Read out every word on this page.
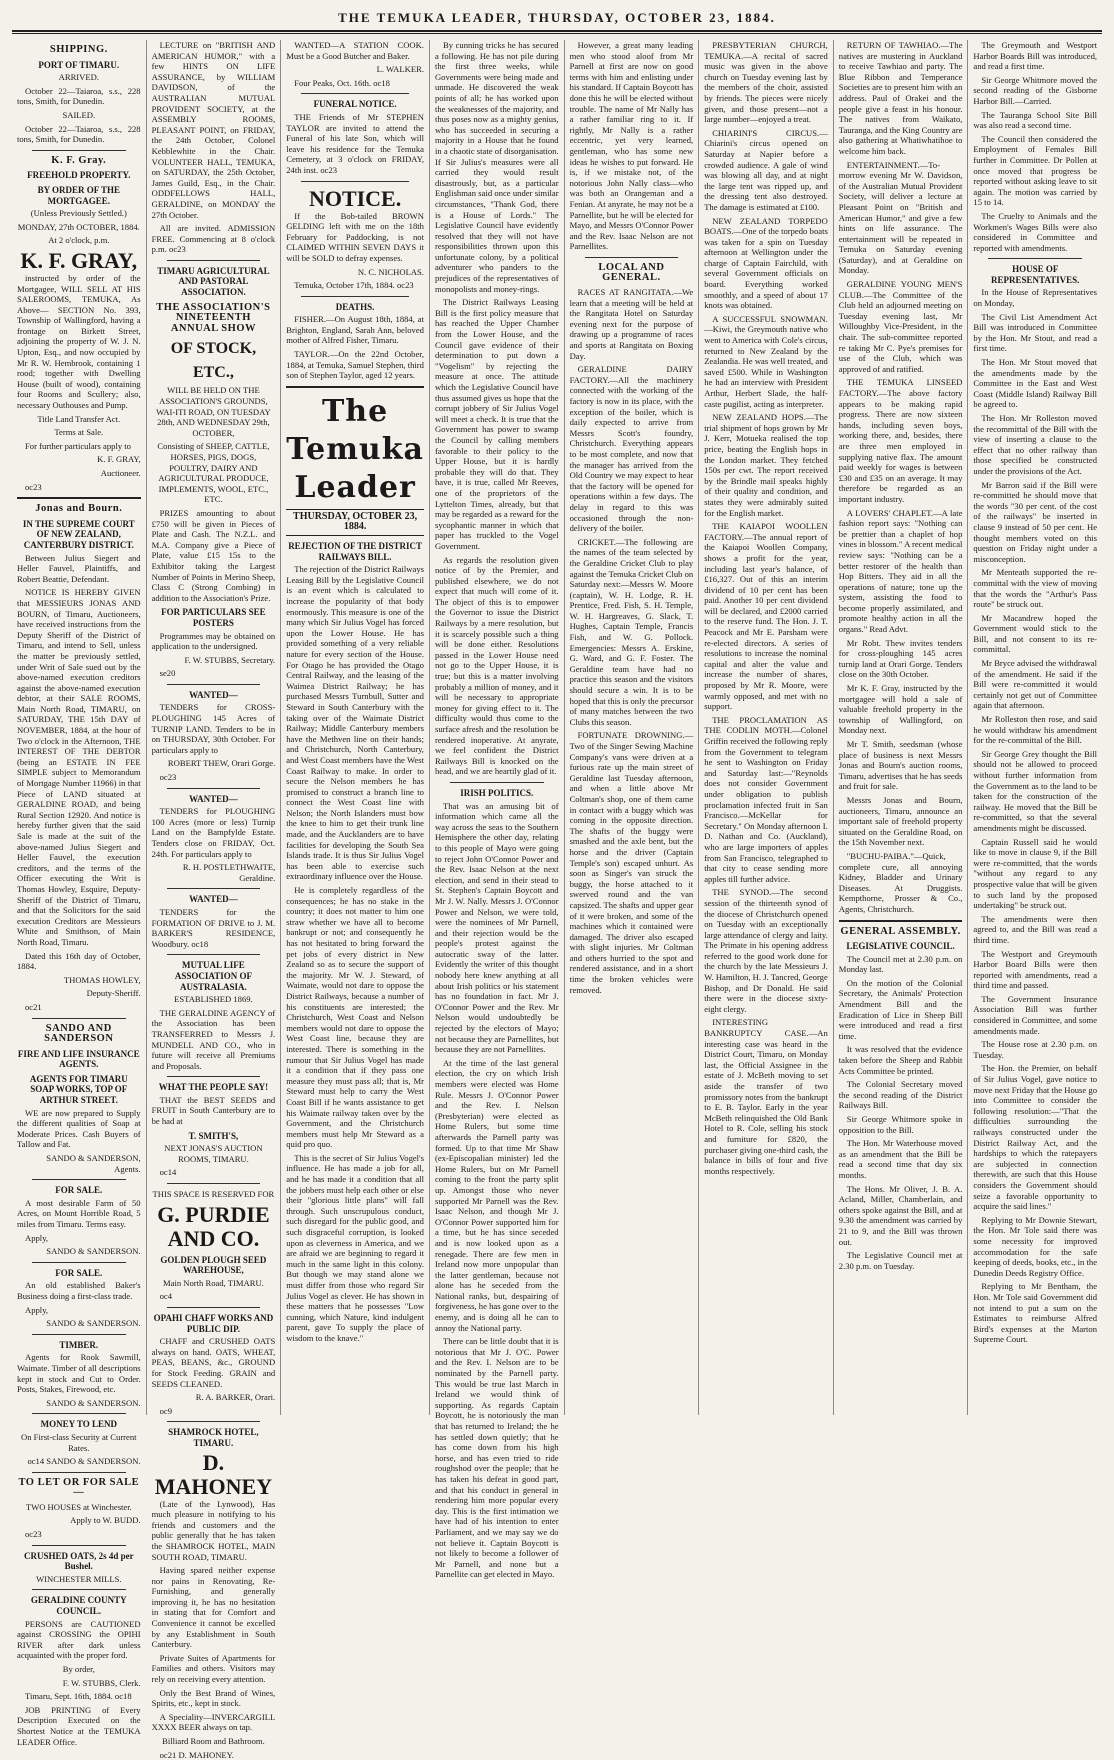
THE TEMUKA LEADER, THURSDAY, OCTOBER 23, 1884.
SHIPPING.
PORT OF TIMARU.

ARRIVED.

October 22—Taiaroa, s.s., 228 tons, Smith, for Dunedin.

SAILED.

October 22—Taiaroa, s.s., 228 tons, Smith, for Dunedin.

K. F. Gray.
FREEHOLD PROPERTY.
BY ORDER OF THE MORTGAGEE.

(Unless Previously Settled.)

MONDAY, 27th OCTOBER, 1884.

At 2 o'clock, p.m.

K. F. GRAY,

instructed by order of the Mortgagee, WILL SELL AT HIS SALEROOMS, TEMUKA, As Above— SECTION No. 393, Township of Wallingford, having a frontage on Birkett Street, adjoining the property of W. J. N. Upton, Esq., and now occupied by Mr R. W. Hembrook, containing 1 rood; together with Dwelling House (built of wood), containing four Rooms and Scullery; also, necessary Outhouses and Pump.

Title Land Transfer Act.

Terms at Sale.

For further particulars apply to

K. F. GRAY,

Auctioneer.

oc23

Jonas and Bourn.
IN THE SUPREME COURT OF NEW ZEALAND, CANTERBURY DISTRICT.

Between Julius Siegert and Heller Fauvel, Plaintiffs, and Robert Beattie, Defendant.

NOTICE IS HEREBY GIVEN that MESSIEURS JONAS AND BOURN, of Timaru, Auctioneers, have received instructions from the Deputy Sheriff of the District of Timaru, and intend to Sell, unless the matter be previously settled, under Writ of Sale sued out by the above-named execution creditors against the above-named execution debtor, at their SALE ROOMS, Main North Road, TIMARU, on SATURDAY, THE 15th DAY of NOVEMBER, 1884, at the hour of Two o'clock in the Afternoon, THE INTEREST OF THE DEBTOR (being an ESTATE IN FEE SIMPLE subject to Memorandum of Mortgage Number 11966) in that Piece of LAND situated at GERALDINE ROAD, and being Rural Section 12920. And notice is hereby further given that the said Sale is made at the suit of the above-named Julius Siegert and Heller Fauvel, the execution creditors, and the terms of the Officer executing the Writ is Thomas Howley, Esquire, Deputy-Sheriff of the District of Timaru, and that the Solicitors for the said execution Creditors are Messieurs White and Smithson, of Main North Road, Timaru.

Dated this 16th day of October, 1884.

THOMAS HOWLEY,

Deputy-Sheriff.

oc21

SANDO AND SANDERSON
FIRE AND LIFE INSURANCE AGENTS.
AGENTS FOR TIMARU SOAP WORKS, TOP OF ARTHUR STREET.

WE are now prepared to Supply the different qualities of Soap at Moderate Prices. Cash Buyers of Tallow and Fat.

SANDO & SANDERSON, Agents.

FOR SALE.

A most desirable Farm of 50 Acres, on Mount Horrible Road, 5 miles from Timaru. Terms easy.

Apply,

SANDO & SANDERSON.

FOR SALE.

An old established Baker's Business doing a first-class trade.

Apply,

SANDO & SANDERSON.

TIMBER.

Agents for Rook Sawmill, Waimate. Timber of all descriptions kept in stock and Cut to Order. Posts, Stakes, Firewood, etc.

SANDO & SANDERSON.

MONEY TO LEND

On First-class Security at Current Rates.

oc14 SANDO & SANDERSON.

TO LET OR FOR SALE—

TWO HOUSES at Winchester.

Apply to W. BUDD.

oc23

CRUSHED OATS, 2s 4d per Bushel.

WINCHESTER MILLS.

GERALDINE COUNTY COUNCIL.

PERSONS are CAUTIONED against CROSSING the OPIHI RIVER after dark unless acquainted with the proper ford.

By order,

F. W. STUBBS, Clerk.

Timaru, Sept. 16th, 1884. oc18

JOB PRINTING of Every Description Executed on the Shortest Notice at the TEMUKA LEADER Office.

LECTURE on "BRITISH AND AMERICAN HUMOR," with a few HINTS ON LIFE ASSURANCE, by WILLIAM DAVIDSON, of the AUSTRALIAN MUTUAL PROVIDENT SOCIETY, at the ASSEMBLY ROOMS, PLEASANT POINT, on FRIDAY, the 24th October, Colonel Kebblewhite in the Chair. VOLUNTEER HALL, TEMUKA, on SATURDAY, the 25th October, James Guild, Esq., in the Chair. ODDFELLOWS HALL, GERALDINE, on MONDAY the 27th October.

All are invited. ADMISSION FREE. Commencing at 8 o'clock p.m. oc23

TIMARU AGRICULTURAL AND PASTORAL ASSOCIATION.
THE ASSOCIATION'S NINETEENTH ANNUAL SHOW
OF STOCK, ETC.,

WILL BE HELD ON THE ASSOCIATION'S GROUNDS, WAI-ITI ROAD, ON TUESDAY 28th, AND WEDNESDAY 29th, OCTOBER,

Consisting of SHEEP, CATTLE, HORSES, PIGS, DOGS, POULTRY, DAIRY AND AGRICULTURAL PRODUCE, IMPLEMENTS, WOOL, ETC., ETC.

PRIZES amounting to about £750 will be given in Pieces of Plate and Cash. The N.Z.L. and M.A. Company give a Piece of Plate, value £15 15s to the Exhibitor taking the Largest Number of Points in Merino Sheep, Class C (Strong Combing) in addition to the Association's Prize.

FOR PARTICULARS SEE POSTERS

Programmes may be obtained on application to the undersigned.

F. W. STUBBS, Secretary.

se20

WANTED—

TENDERS for CROSS-PLOUGHING 145 Acres of TURNIP LAND. Tenders to be in on THURSDAY, 30th October. For particulars apply to

ROBERT THEW, Orari Gorge.

oc23

WANTED—

TENDERS for PLOUGHING 100 Acres (more or less) Turnip Land on the Bampfylde Estate. Tenders close on FRIDAY, Oct. 24th. For particulars apply to

R. H. POSTLETHWAITE, Geraldine.

WANTED—

TENDERS for the FORMATION OF DRIVE to J. M. BARKER'S RESIDENCE, Woodbury. oc18

MUTUAL LIFE ASSOCIATION OF AUSTRALASIA.

ESTABLISHED 1869.

THE GERALDINE AGENCY of the Association has been TRANSFERRED to Messrs J. MUNDELL AND CO., who in future will receive all Premiums and Proposals.

WHAT THE PEOPLE SAY!

THAT the BEST SEEDS and FRUIT in South Canterbury are to be had at

T. SMITH'S,

NEXT JONAS'S AUCTION ROOMS, TIMARU.

oc14

THIS SPACE IS RESERVED FOR

G. PURDIE AND CO.
GOLDEN PLOUGH SEED WAREHOUSE,

Main North Road, TIMARU.

oc4

OPAHI CHAFF WORKS AND PUBLIC DIP.

CHAFF and CRUSHED OATS always on hand. OATS, WHEAT, PEAS, BEANS, &c., GROUND for Stock Feeding. GRAIN and SEEDS CLEANED.

R. A. BARKER, Orari.

oc9

SHAMROCK HOTEL, TIMARU.
D. MAHONEY

(Late of the Lynwood), Has much pleasure in notifying to his friends and customers and the public generally that he has taken the SHAMROCK HOTEL, MAIN SOUTH ROAD, TIMARU.

Having spared neither expense nor pains in Renovating, Re-Furnishing, and generally improving it, he has no hesitation in stating that for Comfort and Convenience it cannot be excelled by any Establishment in South Canterbury.

Private Suites of Apartments for Families and others. Visitors may rely on receiving every attention.

Only the Best Brand of Wines, Spirits, etc., kept in stock.

A Speciality—INVERCARGILL XXXX BEER always on tap.

Billiard Room and Bathroom.

oc21 D. MAHONEY.

WANTED—A STATION COOK. Must be a Good Butcher and Baker.

L. WALKER.

Four Peaks, Oct. 16th. oc18

FUNERAL NOTICE.

THE Friends of Mr STEPHEN TAYLOR are invited to attend the Funeral of his late Son, which will leave his residence for the Temuka Cemetery, at 3 o'clock on FRIDAY, 24th inst. oc23

NOTICE.

If the Bob-tailed BROWN GELDING left with me on the 18th February for Paddocking, is not CLAIMED WITHIN SEVEN DAYS it will be SOLD to defray expenses.

N. C. NICHOLAS.

Temuka, October 17th, 1884. oc23

DEATHS.

FISHER.—On August 18th, 1884, at Brighton, England, Sarah Ann, beloved mother of Alfred Fisher, Timaru.

TAYLOR.—On the 22nd October, 1884, at Temuka, Samuel Stephen, third son of Stephen Taylor, aged 12 years.

The Temuka Leader
THURSDAY, OCTOBER 23, 1884.
REJECTION OF THE DISTRICT RAILWAYS BILL.

The rejection of the District Railways Leasing Bill by the Legislative Council is an event which is calculated to increase the popularity of that body enormously. This measure is one of the many which Sir Julius Vogel has forced upon the Lower House. He has provided something of a very reliable nature for every section of the House. For Otago he has provided the Otago Central Railway, and the leasing of the Waimea District Railway; he has purchased Messrs Turnbull, Sutter and Steward in South Canterbury with the taking over of the Waimate District Railway; Middle Canterbury members have the Methven line on their hands; and Christchurch, North Canterbury, and West Coast members have the West Coast Railway to make. In order to secure the Nelson members he has promised to construct a branch line to connect the West Coast line with Nelson; the North Islanders must bow the knee to him to get their trunk line made, and the Aucklanders are to have facilities for developing the South Sea Islands trade. It is thus Sir Julius Vogel has been able to exercise such extraordinary influence over the House.

He is completely regardless of the consequences; he has no stake in the country; it does not matter to him one straw whether we have all to become bankrupt or not; and consequently he has not hesitated to bring forward the pet jobs of every district in New Zealand so as to secure the support of the majority. Mr W. J. Steward, of Waimate, would not dare to oppose the District Railways, because a number of his constituents are interested; the Christchurch, West Coast and Nelson members would not dare to oppose the West Coast line, because they are interested. There is something in the rumour that Sir Julius Vogel has made it a condition that if they pass one measure they must pass all; that is, Mr Steward must help to carry the West Coast Bill if he wants assistance to get his Waimate railway taken over by the Government, and the Christchurch members must help Mr Steward as a quid pro quo.

This is the secret of Sir Julius Vogel's influence. He has made a job for all, and he has made it a condition that all the jobbers must help each other or else their "glorious little plans" will fall through. Such unscrupulous conduct, such disregard for the public good, and such disgraceful corruption, is looked upon as cleverness in America, and we are afraid we are beginning to regard it much in the same light in this colony. But though we may stand alone we must differ from those who regard Sir Julius Vogel as clever. He has shown in these matters that he possesses "Low cunning, which Nature, kind indulgent parent, gave To supply the place of wisdom to the knave."

By cunning tricks he has secured a following. He has not pile during the first three weeks, while Governments were being made and unmade. He discovered the weak points of all; he has worked upon the weaknesses of the majority, and thus poses now as a mighty genius, who has succeeded in securing a majority in a House that he found in a chaotic state of disorganisation. If Sir Julius's measures were all carried they would result disastrously, but, as a particular Englishman said once under similar circumstances, "Thank God, there is a House of Lords." The Legislative Council have evidently resolved that they will not have responsibilities thrown upon this unfortunate colony, by a political adventurer who panders to the prejudices of the representatives of monopolists and money-rings.

The District Railways Leasing Bill is the first policy measure that has reached the Upper Chamber from the Lower House, and the Council gave evidence of their determination to put down a "Vogelism" by rejecting the measure at once. The attitude which the Legislative Council have thus assumed gives us hope that the corrupt jobbery of Sir Julius Vogel will meet a check. It is true that the Government has power to swamp the Council by calling members favorable to their policy to the Upper House, but it is hardly probable they will do that. They have, it is true, called Mr Reeves, one of the proprietors of the Lyttelton Times, already, but that may be regarded as a reward for the sycophantic manner in which that paper has truckled to the Vogel Government.

As regards the resolution given notice of by the Premier, and published elsewhere, we do not expect that much will come of it. The object of this is to empower the Governor to issue the District Railways by a mere resolution, but it is scarcely possible such a thing will be done either. Resolutions passed in the Lower House need not go to the Upper House, it is true; but this is a matter involving probably a million of money, and it will be necessary to appropriate money for giving effect to it. The difficulty would thus come to the surface afresh and the resolution be rendered inoperative. At anyrate, we feel confident the District Railways Bill is knocked on the head, and we are heartily glad of it.

IRISH POLITICS.

That was an amusing bit of information which came all the way across the seas to the Southern Hemisphere the other day, relating to this people of Mayo were going to reject John O'Connor Power and the Rev. Isaac Nelson at the next election, and send in their stead to St. Stephen's Captain Boycott and Mr J. W. Nally. Messrs J. O'Connor Power and Nelson, we were told, were the nominees of Mr Parnell, and their rejection would be the people's protest against the autocratic sway of the latter. Evidently the writer of this thought nobody here knew anything at all about Irish politics or his statement has no foundation in fact. Mr J. O'Connor Power and the Rev. Mr Nelson would undoubtedly be rejected by the electors of Mayo; not because they are Parnellites, but because they are not Parnellites.

At the time of the last general election, the cry on which Irish members were elected was Home Rule. Messrs J. O'Connor Power and the Rev. I. Nelson (Presbyterian) were elected as Home Rulers, but some time afterwards the Parnell party was formed. Up to that time Mr Shaw (ex-Episcopalian minister) led the Home Rulers, but on Mr Parnell coming to the front the party split up. Amongst those who never supported Mr Parnell was the Rev. Isaac Nelson, and though Mr J. O'Connor Power supported him for a time, but he has since seceded and is now looked upon as a renegade. There are few men in Ireland now more unpopular than the latter gentleman, because not alone has he seceded from the National ranks, but, despairing of forgiveness, he has gone over to the enemy, and is doing all he can to annoy the National party.

There can be little doubt that it is notorious that Mr J. O'C. Power and the Rev. I. Nelson are to be nominated by the Parnell party. This would be true last March in Ireland we would think of supporting. As regards Captain Boycott, he is notoriously the man that has returned to Ireland; the he has settled down quietly; that he has come down from his high horse, and has even tried to ride roughshod over the people; that he has taken his defeat in good part, and that his conduct in general in rendering him more popular every day. This is the first intimation we have had of his intention to enter Parliament, and we may say we do not believe it. Captain Boycott is not likely to become a follower of Mr Parnell, and none but a Parnellite can get elected in Mayo.

However, a great many leading men who stood aloof from Mr Parnell at first are now on good terms with him and enlisting under his standard. If Captain Boycott has done this he will be elected without trouble. The name of Mr Nally has a rather familiar ring to it. If rightly, Mr Nally is a rather eccentric, yet very learned, gentleman, who has some new ideas he wishes to put forward. He is, if we mistake not, of the notorious John Nally class—who was both an Orangeman and a Fenian. At anyrate, he may not be a Parnellite, but he will be elected for Mayo, and Messrs O'Connor Power and the Rev. Isaac Nelson are not Parnellites.

LOCAL AND GENERAL.

RACES AT RANGITATA.—We learn that a meeting will be held at the Rangitata Hotel on Saturday evening next for the purpose of drawing up a programme of races and sports at Rangitata on Boxing Day.

GERALDINE DAIRY FACTORY.—All the machinery connected with the working of the factory is now in its place, with the exception of the boiler, which is daily expected to arrive from Messrs Scott's foundry, Christchurch. Everything appears to be most complete, and now that the manager has arrived from the Old Country we may expect to hear that the factory will be opened for operations within a few days. The delay in regard to this was occasioned through the non-delivery of the boiler.

CRICKET.—The following are the names of the team selected by the Geraldine Cricket Club to play against the Temuka Cricket Club on Saturday next:—Messrs W. Moore (captain), W. H. Lodge, R. H. Prentice, Fred. Fish, S. H. Temple, W. H. Hargreaves, G. Slack, T. Hughes, Captain Temple, Francis Fish, and W. G. Pollock. Emergencies: Messrs A. Erskine, G. Ward, and G. F. Foster. The Geraldine team have had no practice this season and the visitors should secure a win. It is to be hoped that this is only the precursor of many matches between the two Clubs this season.

FORTUNATE DROWNING.—Two of the Singer Sewing Machine Company's vans were driven at a furious rate up the main street of Geraldine last Tuesday afternoon, and when a little above Mr Coltman's shop, one of them came in contact with a buggy which was coming in the opposite direction. The shafts of the buggy were smashed and the axle bent, but the horse and the driver (Captain Temple's son) escaped unhurt. As soon as Singer's van struck the buggy, the horse attached to it swerved round and the van capsized. The shafts and upper gear of it were broken, and some of the machines which it contained were damaged. The driver also escaped with slight injuries. Mr Coltman and others hurried to the spot and rendered assistance, and in a short time the broken vehicles were removed.

PRESBYTERIAN CHURCH, TEMUKA.—A recital of sacred music was given in the above church on Tuesday evening last by the members of the choir, assisted by friends. The pieces were nicely given, and those present—not a large number—enjoyed a treat.

CHIARINI'S CIRCUS.—Chiarini's circus opened on Saturday at Napier before a crowded audience. A gale of wind was blowing all day, and at night the large tent was ripped up, and the dressing tent also destroyed. The damage is estimated at £100.

NEW ZEALAND TORPEDO BOATS.—One of the torpedo boats was taken for a spin on Tuesday afternoon at Wellington under the charge of Captain Fairchild, with several Government officials on board. Everything worked smoothly, and a speed of about 17 knots was obtained.

A SUCCESSFUL SNOWMAN.—Kiwi, the Greymouth native who went to America with Cole's circus, returned to New Zealand by the Zealandia. He was well treated, and saved £500. While in Washington he had an interview with President Arthur, Herbert Slade, the half-caste pugilist, acting as interpreter.

NEW ZEALAND HOPS.—The trial shipment of hops grown by Mr J. Kerr, Motueka realised the top price, beating the English hops in the London market. They fetched 150s per cwt. The report received by the Brindle mail speaks highly of their quality and condition, and states they were admirably suited for the English market.

THE KAIAPOI WOOLLEN FACTORY.—The annual report of the Kaiapoi Woollen Company, shows a profit for the year, including last year's balance, of £16,327. Out of this an interim dividend of 10 per cent has been paid. Another 10 per cent dividend will be declared, and £2000 carried to the reserve fund. The Hon. J. T. Peacock and Mr E. Parsham were re-elected directors. A series of resolutions to increase the nominal capital and alter the value and increase the number of shares, proposed by Mr R. Moore, were warmly opposed, and met with no support.

THE PROCLAMATION AS THE CODLIN MOTH.—Colonel Griffin received the following reply from the Government to telegram he sent to Washington on Friday and Saturday last:—"Reynolds does not consider Government under obligation to publish proclamation infected fruit in San Francisco.—McKellar for Secretary." On Monday afternoon I. D. Nathan and Co. (Auckland), who are large importers of apples from San Francisco, telegraphed to that city to cease sending more apples till further advice.

THE SYNOD.—The second session of the thirteenth synod of the diocese of Christchurch opened on Tuesday with an exceptionally large attendance of clergy and laity. The Primate in his opening address referred to the good work done for the church by the late Messieurs J. W. Hamilton, H. J. Tancred, George Bishop, and Dr Donald. He said there were in the diocese sixty-eight clergy.

INTERESTING BANKRUPTCY CASE.—An interesting case was heard in the District Court, Timaru, on Monday last, the Official Assignee in the estate of J. McBeth moving to set aside the transfer of two promissory notes from the bankrupt to E. B. Taylor. Early in the year McBeth relinquished the Old Bank Hotel to R. Cole, selling his stock and furniture for £820, the purchaser giving one-third cash, the balance in bills of four and five months respectively.

RETURN OF TAWHIAO.—The natives are mustering in Auckland to receive Tawhiao and party. The Blue Ribbon and Temperance Societies are to present him with an address. Paul of Orakei and the people give a feast in his honour. The natives from Waikato, Tauranga, and the King Country are also gathering at Whatiwhatihoe to welcome him back.

ENTERTAINMENT.—To-morrow evening Mr W. Davidson, of the Australian Mutual Provident Society, will deliver a lecture at Pleasant Point on "British and American Humor," and give a few hints on life assurance. The entertainment will be repeated in Temuka on Saturday evening (Saturday), and at Geraldine on Monday.

GERALDINE YOUNG MEN'S CLUB.—The Committee of the Club held an adjourned meeting on Tuesday evening last, Mr Willoughby Vice-President, in the chair. The sub-committee reported re taking Mr C. Pye's premises for use of the Club, which was approved of and ratified.

THE TEMUKA LINSEED FACTORY.—The above factory appears to be making rapid progress. There are now sixteen hands, including seven boys, working there, and, besides, there are three men employed in supplying native flax. The amount paid weekly for wages is between £30 and £35 on an average. It may therefore be regarded as an important industry.

A LOVERS' CHAPLET.—A late fashion report says: "Nothing can be prettier than a chaplet of hop vines in blossom." A recent medical review says: "Nothing can be a better restorer of the health than Hop Bitters. They aid in all the operations of nature; tone up the system, assisting the food to become properly assimilated, and promote healthy action in all the organs." Read Advt.

Mr Robt. Thew invites tenders for cross-ploughing 145 acres turnip land at Orari Gorge. Tenders close on the 30th October.

Mr K. F. Gray, instructed by the mortgagee will hold a sale of valuable freehold property in the township of Wallingford, on Monday next.

Mr T. Smith, seedsman (whose place of business is next Messrs Jonas and Bourn's auction rooms, Timaru, advertises that he has seeds and fruit for sale.

Messrs Jonas and Bourn, auctioneers, Timaru, announce an important sale of freehold property situated on the Geraldine Road, on the 15th November next.

"BUCHU-PAIBA."—Quick, complete cure, all annoying Kidney, Bladder and Urinary Diseases. At Druggists. Kempthorne, Prosser & Co., Agents, Christchurch.

GENERAL ASSEMBLY.
LEGISLATIVE COUNCIL.

The Council met at 2.30 p.m. on Monday last.

On the motion of the Colonial Secretary, the Animals' Protection Amendment Bill and the Eradication of Lice in Sheep Bill were introduced and read a first time.

It was resolved that the evidence taken before the Sheep and Rabbit Acts Committee be printed.

The Colonial Secretary moved the second reading of the District Railways Bill.

Sir George Whitmore spoke in opposition to the Bill.

The Hon. Mr Waterhouse moved as an amendment that the Bill be read a second time that day six months.

The Hons. Mr Oliver, J. B. A. Acland, Miller, Chamberlain, and others spoke against the Bill, and at 9.30 the amendment was carried by 21 to 9, and the Bill was thrown out.

The Legislative Council met at 2.30 p.m. on Tuesday.

The Greymouth and Westport Harbor Boards Bill was introduced, and read a first time.

Sir George Whitmore moved the second reading of the Gisborne Harbor Bill.—Carried.

The Tauranga School Site Bill was also read a second time.

The Council then considered the Employment of Females Bill further in Committee. Dr Pollen at once moved that progress be reported without asking leave to sit again. The motion was carried by 15 to 14.

The Cruelty to Animals and the Workmen's Wages Bills were also considered in Committee and reported with amendments.

HOUSE OF REPRESENTATIVES.

In the House of Representatives on Monday,

The Civil List Amendment Act Bill was introduced in Committee by the Hon. Mr Stout, and read a first time.

The Hon. Mr Stout moved that the amendments made by the Committee in the East and West Coast (Middle Island) Railway Bill be agreed to.

The Hon. Mr Rolleston moved the recommittal of the Bill with the view of inserting a clause to the effect that no other railway than those specified be constructed under the provisions of the Act.

Mr Barron said if the Bill were re-committed he should move that the words "30 per cent. of the cost of the railways" be inserted in clause 9 instead of 50 per cent. He thought members voted on this question on Friday night under a misconception.

Mr Menteath supported the re-committal with the view of moving that the words the "Arthur's Pass route" be struck out.

Mr Macandrew hoped the Government would stick to the Bill, and not consent to its re-committal.

Mr Bryce advised the withdrawal of the amendment. He said if the Bill were re-committed it would certainly not get out of Committee again that afternoon.

Mr Rolleston then rose, and said he would withdraw his amendment for the re-committal of the Bill.

Sir George Grey thought the Bill should not be allowed to proceed without further information from the Government as to the land to be taken for the construction of the railway. He moved that the Bill be re-committed, so that the several amendments might be discussed.

Captain Russell said he would like to move in clause 9, if the Bill were re-committed, that the words "without any regard to any prospective value that will be given to such land by the proposed undertaking" be struck out.

The amendments were then agreed to, and the Bill was read a third time.

The Westport and Greymouth Harbor Board Bills were then reported with amendments, read a third time and passed.

The Government Insurance Association Bill was further considered in Committee, and some amendments made.

The House rose at 2.30 p.m. on Tuesday.

The Hon. the Premier, on behalf of Sir Julius Vogel, gave notice to move next Friday that the House go into Committee to consider the following resolution:—"That the difficulties surrounding the railways constructed under the District Railway Act, and the hardships to which the ratepayers are subjected in connection therewith, are such that this House considers the Government should seize a favorable opportunity to acquire the said lines."

Replying to Mr Downie Stewart, the Hon. Mr Tole said there was some necessity for improved accommodation for the safe keeping of deeds, books, etc., in the Dunedin Deeds Registry Office.

Replying to Mr Bentham, the Hon. Mr Tole said Government did not intend to put a sum on the Estimates to reimburse Alfred Bird's expenses at the Marton Supreme Court.
